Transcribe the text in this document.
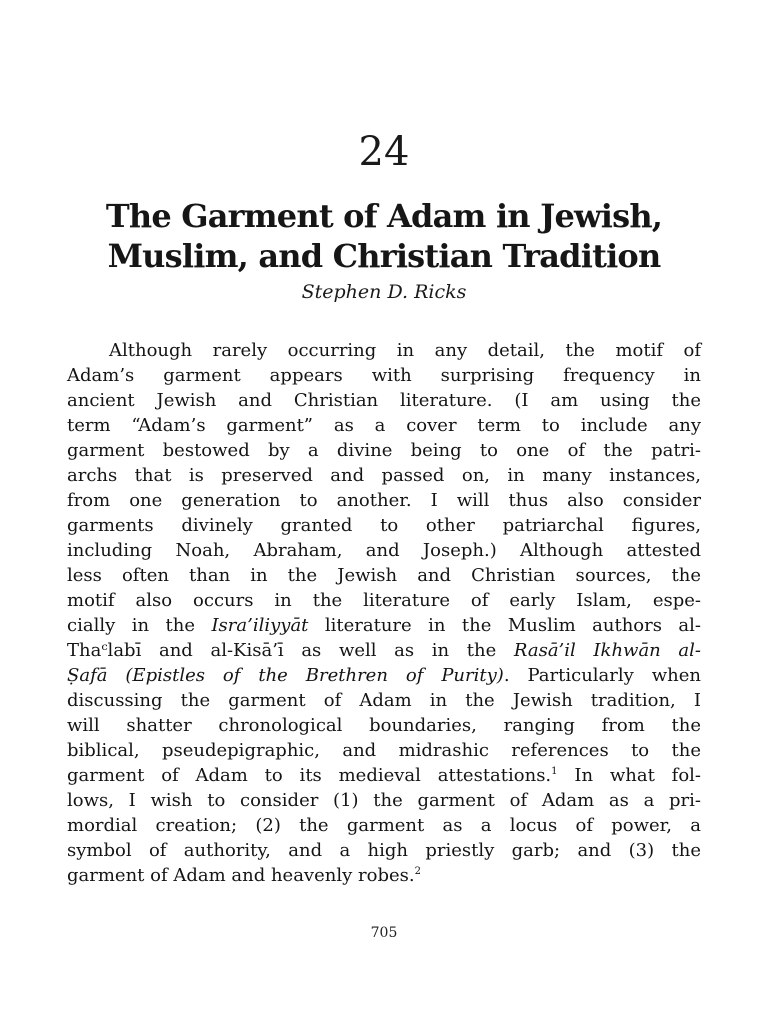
24
The Garment of Adam in Jewish,
Muslim, and Christian Tradition
Stephen D. Ricks
Although rarely occurring in any detail, the motif of
Adam’s garment appears with surprising frequency in
ancient Jewish and Christian literature. (I am using the
term “Adam’s garment” as a cover term to include any
garment bestowed by a divine being to one of the patri-
archs that is preserved and passed on, in many instances,
from one generation to another. I will thus also consider
garments divinely granted to other patriarchal figures,
including Noah, Abraham, and Joseph.) Although attested
less often than in the Jewish and Christian sources, the
motif also occurs in the literature of early Islam, espe-
cially in the Isra’iliyyāt literature in the Muslim authors al-
Thaᶜlabī and al-Kisā’ī as well as in the Rasā’il Ikhwān al-
Ṣafā (Epistles of the Brethren of Purity). Particularly when
discussing the garment of Adam in the Jewish tradition, I
will shatter chronological boundaries, ranging from the
biblical, pseudepigraphic, and midrashic references to the
garment of Adam to its medieval attestations.$^1$ In what fol-
lows, I wish to consider (1) the garment of Adam as a pri-
mordial creation; (2) the garment as a locus of power, a
symbol of authority, and a high priestly garb; and (3) the
garment of Adam and heavenly robes.$^2$
705
